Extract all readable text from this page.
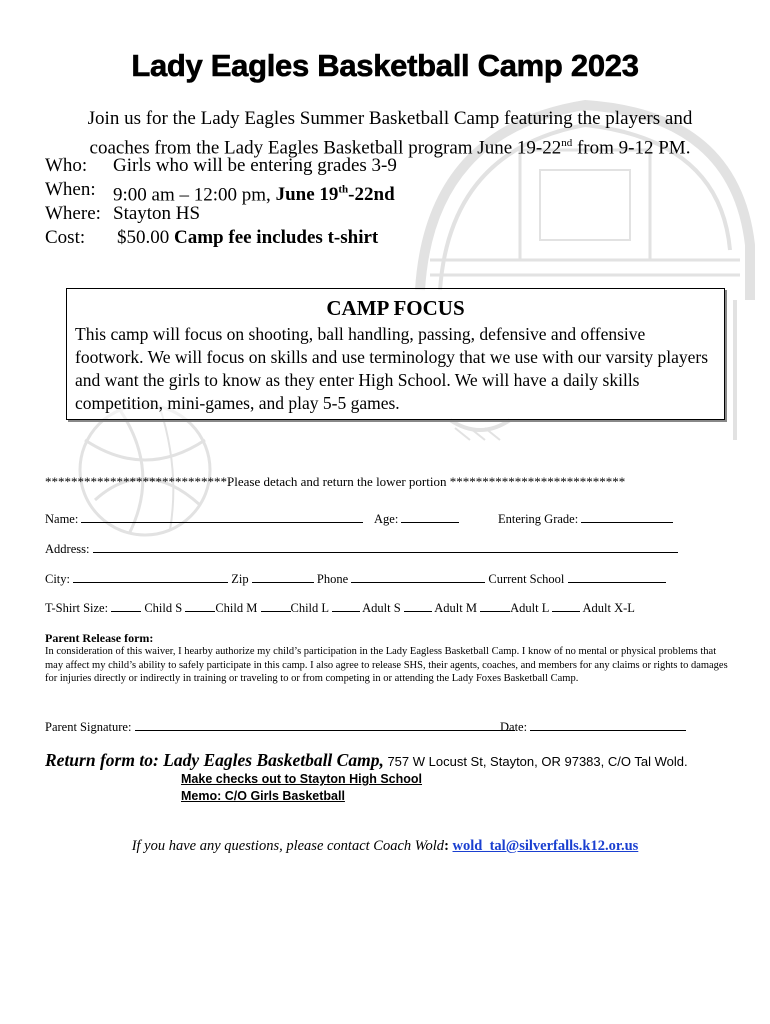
Lady Eagles Basketball Camp 2023
Join us for the Lady Eagles Summer Basketball Camp featuring the players and
coaches from the Lady Eagles Basketball program June 19-22nd from 9-12 PM.
Who: Girls who will be entering grades 3-9
When: 9:00 am – 12:00 pm, June 19th-22nd
Where: Stayton HS
Cost: $50.00 Camp fee includes t-shirt
CAMP FOCUS
This camp will focus on shooting, ball handling, passing, defensive and offensive footwork. We will focus on skills and use terminology that we use with our varsity players and want the girls to know as they enter High School. We will have a daily skills competition, mini-games, and play 5-5 games.
****************************Please detach and return the lower portion ***************************
Name:	Age:	Entering Grade:
Address:
City:	Zip	Phone	Current School
T-Shirt Size:	Child S	Child M	Child L	Adult S	Adult M	Adult L	Adult X-L
Parent Release form:
In consideration of this waiver, I hearby authorize my child’s participation in the Lady Eagless Basketball Camp. I know of no mental or physical problems that may affect my child’s ability to safely participate in this camp. I also agree to release SHS, their agents, coaches, and members for any claims or rights to damages for injuries directly or indirectly in training or traveling to or from competing in or attending the Lady Foxes Basketball Camp.
Parent Signature:	Date:
Return form to: Lady Eagles Basketball Camp, 757 W Locust St, Stayton, OR 97383, C/O Tal Wold.
Make checks out to Stayton High School
Memo: C/O Girls Basketball
If you have any questions, please contact Coach Wold: wold_tal@silverfalls.k12.or.us
